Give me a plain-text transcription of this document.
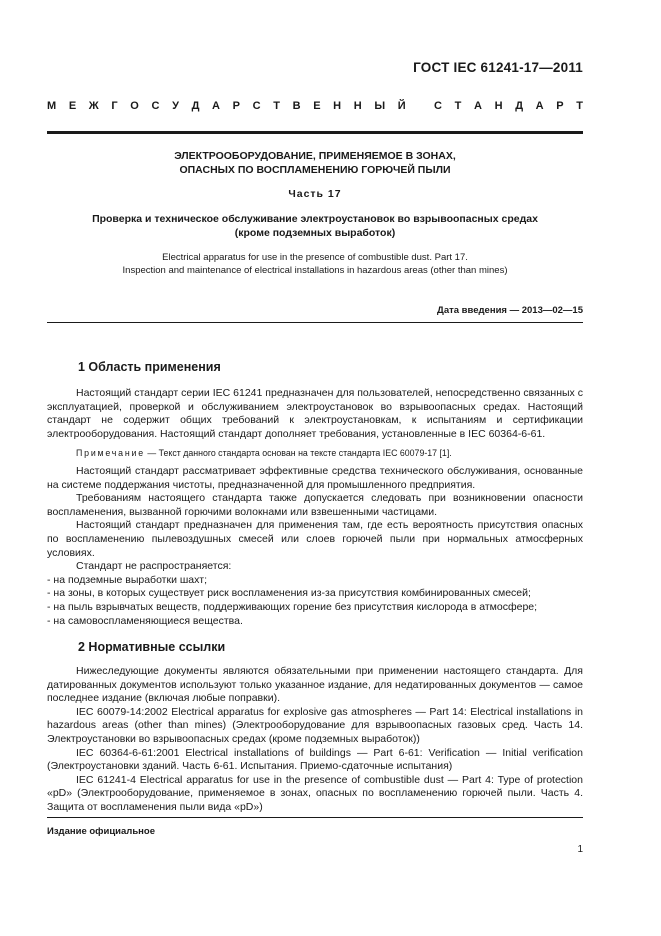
ГОСТ IEC 61241-17—2011
М Е Ж Г О С У Д А Р С Т В Е Н Н Ы Й
	С Т А Н Д А Р Т
ЭЛЕКТРООБОРУДОВАНИЕ, ПРИМЕНЯЕМОЕ В ЗОНАХ,
ОПАСНЫХ ПО ВОСПЛАМЕНЕНИЮ ГОРЮЧЕЙ ПЫЛИ
Часть 17
Проверка и техническое обслуживание электроустановок во взрывоопасных средах
(кроме подземных выработок)
Electrical apparatus for use in the presence of combustible dust. Part 17.
Inspection and maintenance of electrical installations in hazardous areas (other than mines)
Дата введения — 2013—02—15
1 Область применения

Настоящий стандарт серии IEC 61241 предназначен для пользователей, непосредственно связанных с эксплуатацией, проверкой и обслуживанием электроустановок во взрывоопасных средах. Настоящий стандарт не содержит общих требований к электроустановкам, к испытаниям и сертификации электрооборудования. Настоящий стандарт дополняет требования, установленные в IEC 60364-6-61.

Примечание — Текст данного стандарта основан на тексте стандарта IEC 60079-17 [1].

Настоящий стандарт рассматривает эффективные средства технического обслуживания, основанные на системе поддержания чистоты, предназначенной для промышленного предприятия.

Требованиям настоящего стандарта также допускается следовать при возникновении опасности воспламенения, вызванной горючими волокнами или взвешенными частицами.

Настоящий стандарт предназначен для применения там, где есть вероятность присутствия опасных по воспламенению пылевоздушных смесей или слоев горючей пыли при нормальных атмосферных условиях.

Стандарт не распространяется:

- на подземные выработки шахт;

- на зоны, в которых существует риск воспламенения из-за присутствия комбинированных смесей;

- на пыль взрывчатых веществ, поддерживающих горение без присутствия кислорода в атмосфере;

- на самовоспламеняющиеся вещества.

2 Нормативные ссылки

Нижеследующие документы являются обязательными при применении настоящего стандарта. Для датированных документов используют только указанное издание, для недатированных документов — самое последнее издание (включая любые поправки).

IEC 60079-14:2002 Electrical apparatus for explosive gas atmospheres — Part 14: Electrical installations in hazardous areas (other than mines) (Электрооборудование для взрывоопасных газовых сред. Часть 14. Электроустановки во взрывоопасных средах (кроме подземных выработок))

IEC 60364-6-61:2001 Electrical installations of buildings — Part 6-61: Verification — Initial verification (Электроустановки зданий. Часть 6-61. Испытания. Приемо-сдаточные испытания)

IEC 61241-4 Electrical apparatus for use in the presence of combustible dust — Part 4: Type of protection «pD» (Электрооборудование, применяемое в зонах, опасных по воспламенению горючей пыли. Часть 4. Защита от воспламенения пыли вида «pD»)

Издание официальное
1
